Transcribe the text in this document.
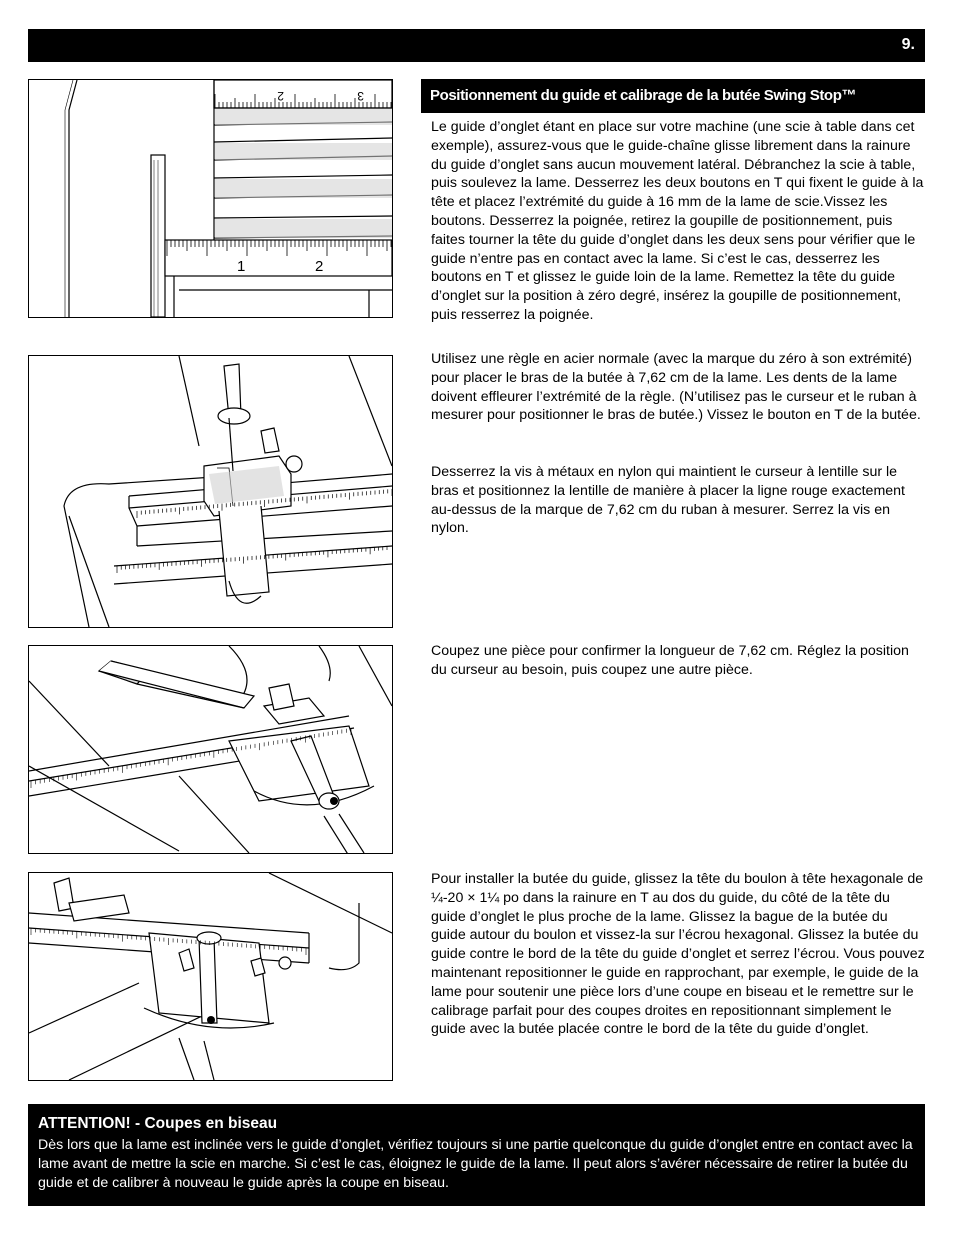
9.
Positionnement du guide et calibrage de la butée Swing Stop™

Le guide d’onglet étant en place sur votre machine (une scie à table dans cet exemple), assurez-vous que le guide-chaîne glisse librement dans la rainure du guide d’onglet sans aucun mouvement latéral. Débranchez la scie à table, puis soulevez la lame. Desserrez les deux boutons en T qui fixent le guide à la tête et placez l’extrémité du guide à 16 mm de la lame de scie.Vissez les boutons. Desserrez la poignée, retirez la goupille de positionnement, puis faites tourner la tête du guide d’onglet dans les deux sens pour vérifier que le guide n’entre pas en contact avec la lame. Si c’est le cas, desserrez les boutons en T et glissez le guide loin de la lame. Remettez la tête du guide d’onglet sur la position à zéro degré, insérez la goupille de positionnement, puis resserrez la poignée.

Utilisez une règle en acier normale (avec la marque du zéro à son extrémité) pour placer le bras de la butée à 7,62 cm de la lame. Les dents de la lame doivent effleurer l’extrémité de la règle. (N’utilisez pas le curseur et le ruban à mesurer pour positionner le bras de butée.) Vissez le bouton en T de la butée.

Desserrez la vis à métaux en nylon qui maintient le curseur à lentille sur le bras et positionnez la lentille de manière à placer la ligne rouge exactement au-dessus de la marque de 7,62 cm du ruban à mesurer. Serrez la vis en nylon.

Coupez une pièce pour confirmer la longueur de 7,62 cm. Réglez la position du curseur au besoin, puis coupez une autre pièce.

Pour installer la butée du guide, glissez la tête du boulon à tête hexagonale de ¼-20 × 1¼ po dans la rainure en T au dos du guide, du côté de la tête du guide d’onglet le plus proche de la lame. Glissez la bague de la butée du guide autour du boulon et vissez-la sur l’écrou hexagonal. Glissez la butée du guide contre le bord de la tête du guide d’onglet et serrez l’écrou. Vous pouvez maintenant repositionner le guide en rapprochant, par exemple, le guide de la lame pour soutenir une pièce lors d’une coupe en biseau et le remettre sur le calibrage parfait pour des coupes droites en repositionnant simplement le guide avec la butée placée contre le bord de la tête du guide d’onglet.

2	3
1	2
ATTENTION! - Coupes en biseau

Dès lors que la lame est inclinée vers le guide d’onglet, vérifiez toujours si une partie quelconque du guide d’onglet entre en contact avec la lame avant de mettre la scie en marche. Si c’est le cas, éloignez le guide de la lame. Il peut alors s’avérer nécessaire de retirer la butée du guide et de calibrer à nouveau le guide après la coupe en biseau.
